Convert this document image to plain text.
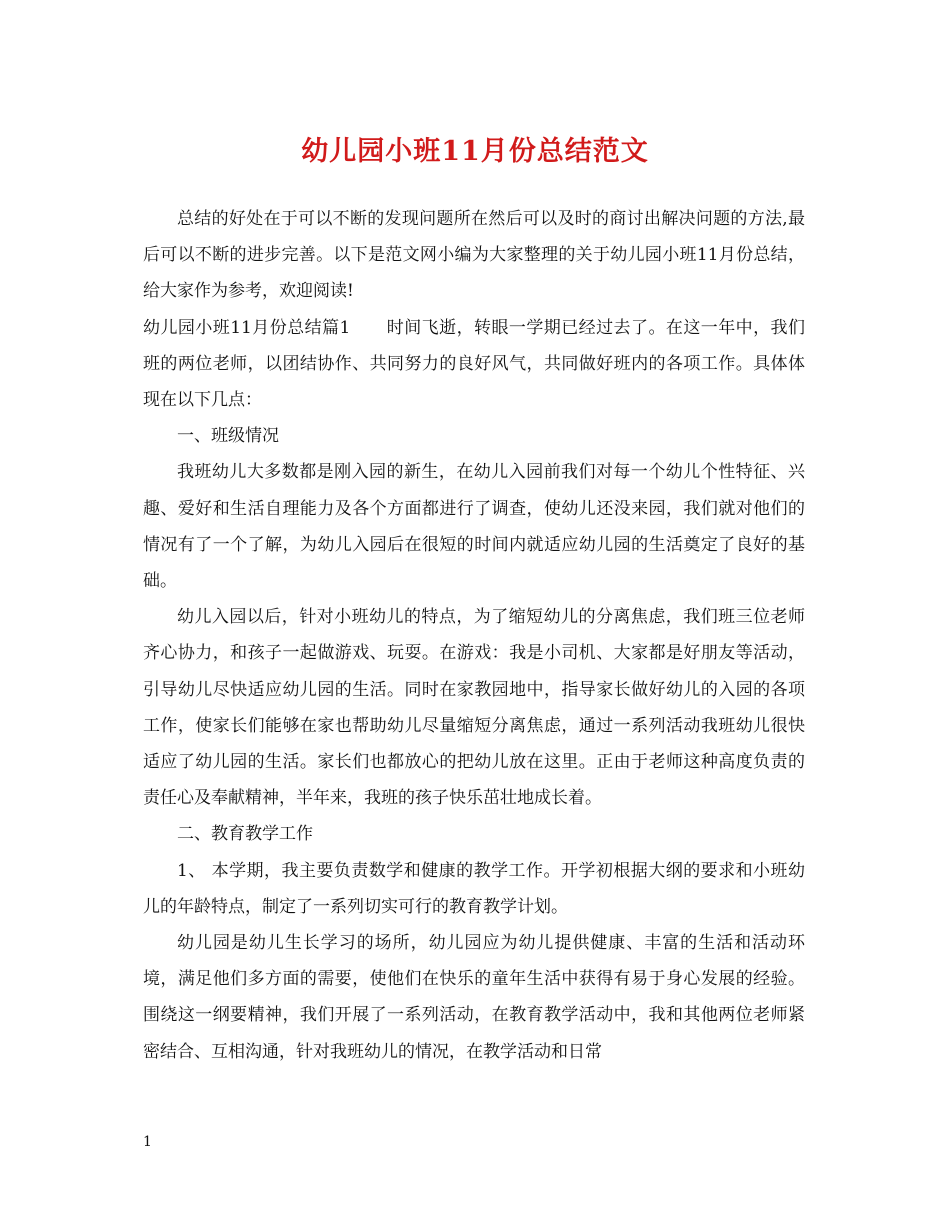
幼儿园小班11月份总结范文

总结的好处在于可以不断的发现问题所在然后可以及时的商讨出解决问题的方法,最后可以不断的进步完善。以下是范文网小编为大家整理的关于幼儿园小班11月份总结，给大家作为参考，欢迎阅读!

幼儿园小班11月份总结篇1 时间飞逝，转眼一学期已经过去了。在这一年中，我们班的两位老师，以团结协作、共同努力的良好风气，共同做好班内的各项工作。具体体现在以下几点：

一、班级情况

我班幼儿大多数都是刚入园的新生，在幼儿入园前我们对每一个幼儿个性特征、兴趣、爱好和生活自理能力及各个方面都进行了调查，使幼儿还没来园，我们就对他们的情况有了一个了解，为幼儿入园后在很短的时间内就适应幼儿园的生活奠定了良好的基础。

幼儿入园以后，针对小班幼儿的特点，为了缩短幼儿的分离焦虑，我们班三位老师齐心协力，和孩子一起做游戏、玩耍。在游戏：我是小司机、大家都是好朋友等活动，引导幼儿尽快适应幼儿园的生活。同时在家教园地中，指导家长做好幼儿的入园的各项工作，使家长们能够在家也帮助幼儿尽量缩短分离焦虑，通过一系列活动我班幼儿很快适应了幼儿园的生活。家长们也都放心的把幼儿放在这里。正由于老师这种高度负责的责任心及奉献精神，半年来，我班的孩子快乐茁壮地成长着。

二、教育教学工作

1、 本学期，我主要负责数学和健康的教学工作。开学初根据大纲的要求和小班幼儿的年龄特点，制定了一系列切实可行的教育教学计划。

幼儿园是幼儿生长学习的场所，幼儿园应为幼儿提供健康、丰富的生活和活动环境，满足他们多方面的需要，使他们在快乐的童年生活中获得有易于身心发展的经验。围绕这一纲要精神，我们开展了一系列活动，在教育教学活动中，我和其他两位老师紧密结合、互相沟通，针对我班幼儿的情况，在教学活动和日常

1
